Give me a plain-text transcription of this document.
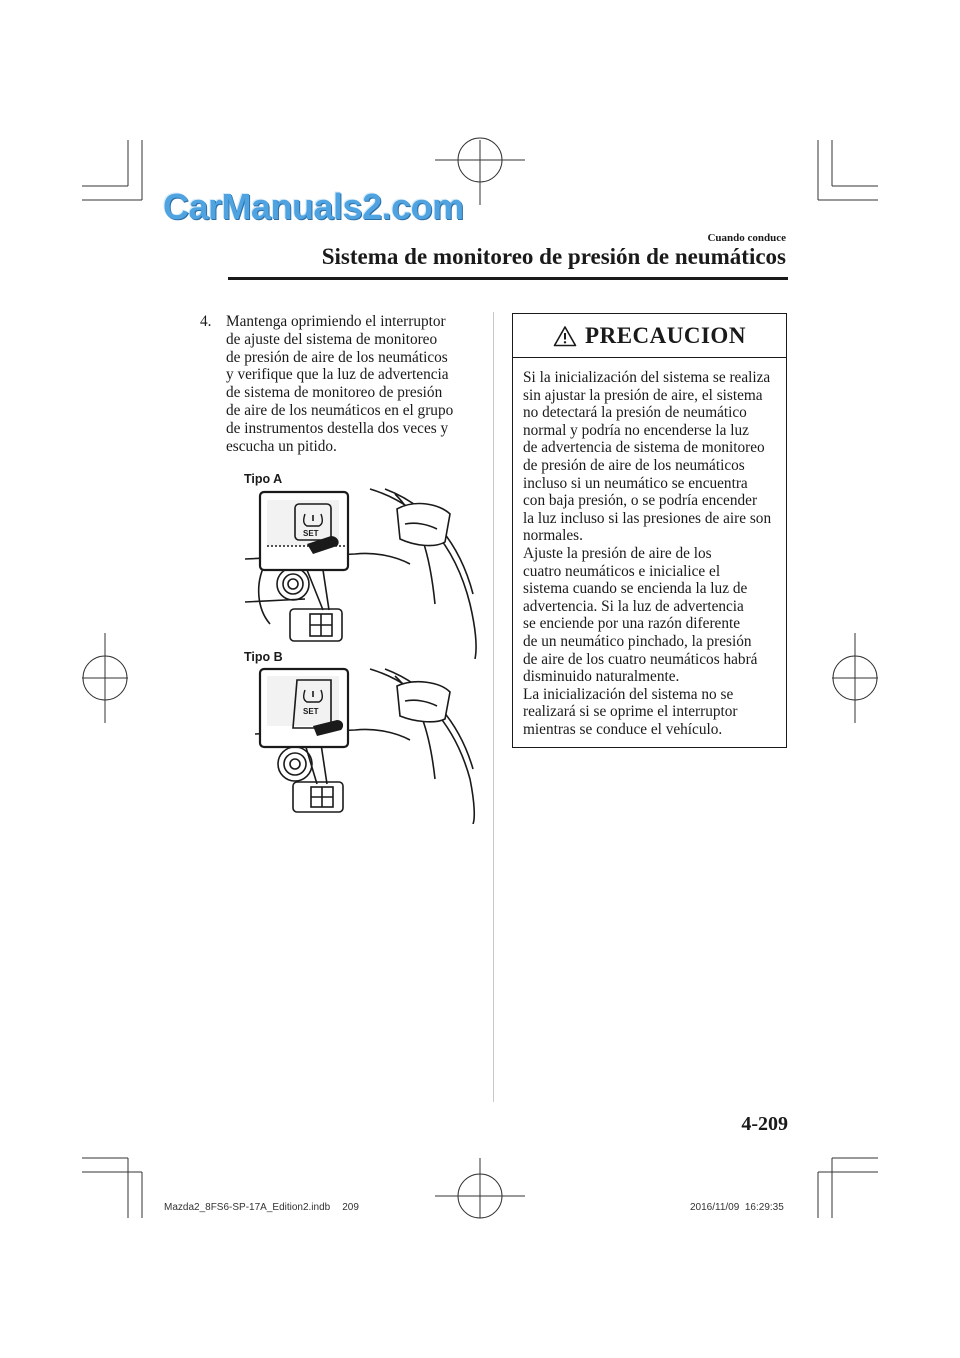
CarManuals2.com
Cuando conduce
Sistema de monitoreo de presión de neumáticos
4. Mantenga oprimiendo el interruptor
de ajuste del sistema de monitoreo
de presión de aire de los neumáticos
y verifique que la luz de advertencia
de sistema de monitoreo de presión
de aire de los neumáticos en el grupo
de instrumentos destella dos veces y
escucha un pitido.
Tipo A
SET
Tipo B
SET
PRECAUCION
Si la inicialización del sistema se realiza
sin ajustar la presión de aire, el sistema
no detectará la presión de neumático
normal y podría no encenderse la luz
de advertencia de sistema de monitoreo
de presión de aire de los neumáticos
incluso si un neumático se encuentra
con baja presión, o se podría encender
la luz incluso si las presiones de aire son
normales.
Ajuste la presión de aire de los
cuatro neumáticos e inicialice el
sistema cuando se encienda la luz de
advertencia. Si la luz de advertencia
se enciende por una razón diferente
de un neumático pinchado, la presión
de aire de los cuatro neumáticos habrá
disminuido naturalmente.
La inicialización del sistema no se
realizará si se oprime el interruptor
mientras se conduce el vehículo.
4-209
Mazda2_8FS6-SP-17A_Edition2.indb 209	2016/11/09 16:29:35
